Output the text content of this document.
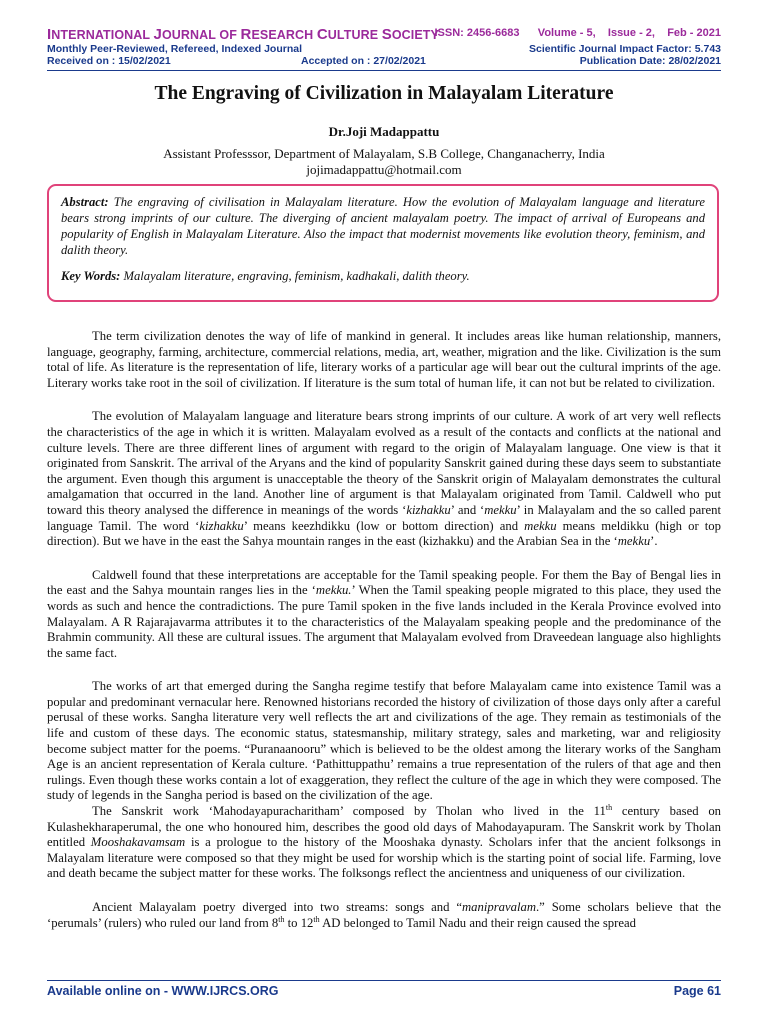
INTERNATIONAL JOURNAL OF RESEARCH CULTURE SOCIETY
ISSN: 2456-6683      Volume - 5,    Issue - 2,    Feb - 2021
Monthly Peer-Reviewed, Refereed, Indexed Journal	Scientific Journal Impact Factor: 5.743
Received on : 15/02/2021	Accepted on : 27/02/2021	Publication Date: 28/02/2021
The Engraving of Civilization in Malayalam Literature
Dr.Joji Madappattu
Assistant Professsor, Department of Malayalam, S.B College, Changanacherry, India
jojimadappattu@hotmail.com
Abstract: The engraving of civilisation in Malayalam literature. How the evolution of Malayalam language and literature bears strong imprints of our culture. The diverging of ancient malayalam poetry. The impact of arrival of Europeans and popularity of English in Malayalam Literature. Also the impact that modernist movements like evolution theory, feminism, and dalith theory.
Key Words: Malayalam literature, engraving, feminism, kadhakali, dalith theory.

The term civilization denotes the way of life of mankind in general. It includes areas like human relationship, manners, language, geography, farming, architecture, commercial relations, media, art, weather, migration and the like. Civilization is the sum total of life. As literature is the representation of life, literary works of a particular age will bear out the cultural imprints of the age. Literary works take root in the soil of civilization. If literature is the sum total of human life, it can not but be related to civilization.

The evolution of Malayalam language and literature bears strong imprints of our culture. A work of art very well reflects the characteristics of the age in which it is written. Malayalam evolved as a result of the contacts and conflicts at the national and culture levels. There are three different lines of argument with regard to the origin of Malayalam language. One view is that it originated from Sanskrit. The arrival of the Aryans and the kind of popularity Sanskrit gained during these days seem to substantiate the argument. Even though this argument is unacceptable the theory of the Sanskrit origin of Malayalam demonstrates the cultural amalgamation that occurred in the land. Another line of argument is that Malayalam originated from Tamil. Caldwell who put toward this theory analysed the difference in meanings of the words ‘kizhakku’ and ‘mekku’ in Malayalam and the so called parent language Tamil. The word ‘kizhakku’ means keezhdikku (low or bottom direction) and mekku means meldikku (high or top direction). But we have in the east the Sahya mountain ranges in the east (kizhakku) and the Arabian Sea in the ‘mekku’.

Caldwell found that these interpretations are acceptable for the Tamil speaking people. For them the Bay of Bengal lies in the east and the Sahya mountain ranges lies in the ‘mekku.’ When the Tamil speaking people migrated to this place, they used the words as such and hence the contradictions. The pure Tamil spoken in the five lands included in the Kerala Province evolved into Malayalam. A R Rajarajavarma attributes it to the characteristics of the Malayalam speaking people and the predominance of the Brahmin community. All these are cultural issues. The argument that Malayalam evolved from Draveedean language also highlights the same fact.

The works of art that emerged during the Sangha regime testify that before Malayalam came into existence Tamil was a popular and predominant vernacular here. Renowned historians recorded the history of civilization of those days only after a careful perusal of these works. Sangha literature very well reflects the art and civilizations of the age. They remain as testimonials of the life and custom of these days. The economic status, statesmanship, military strategy, sales and marketing, war and religiosity become subject matter for the poems. “Puranaanooru” which is believed to be the oldest among the literary works of the Sangham Age is an ancient representation of Kerala culture. ‘Pathittuppathu’ remains a true representation of the rulers of that age and then rulings. Even though these works contain a lot of exaggeration, they reflect the culture of the age in which they were composed. The study of legends in the Sangha period is based on the civilization of the age.

The Sanskrit work ‘Mahodayapuracharitham’ composed by Tholan who lived in the 11th century based on Kulashekharaperumal, the one who honoured him, describes the good old days of Mahodayapuram. The Sanskrit work by Tholan entitled Mooshakavamsam is a prologue to the history of the Mooshaka dynasty. Scholars infer that the ancient folksongs in Malayalam literature were composed so that they might be used for worship which is the starting point of social life. Farming, love and death became the subject matter for these works. The folksongs reflect the ancientness and uniqueness of our civilization.

Ancient Malayalam poetry diverged into two streams: songs and “manipravalam.” Some scholars believe that the ‘perumals’ (rulers) who ruled our land from 8th to 12th AD belonged to Tamil Nadu and their reign caused the spread

Available online on - WWW.IJRCS.ORG	Page 61
